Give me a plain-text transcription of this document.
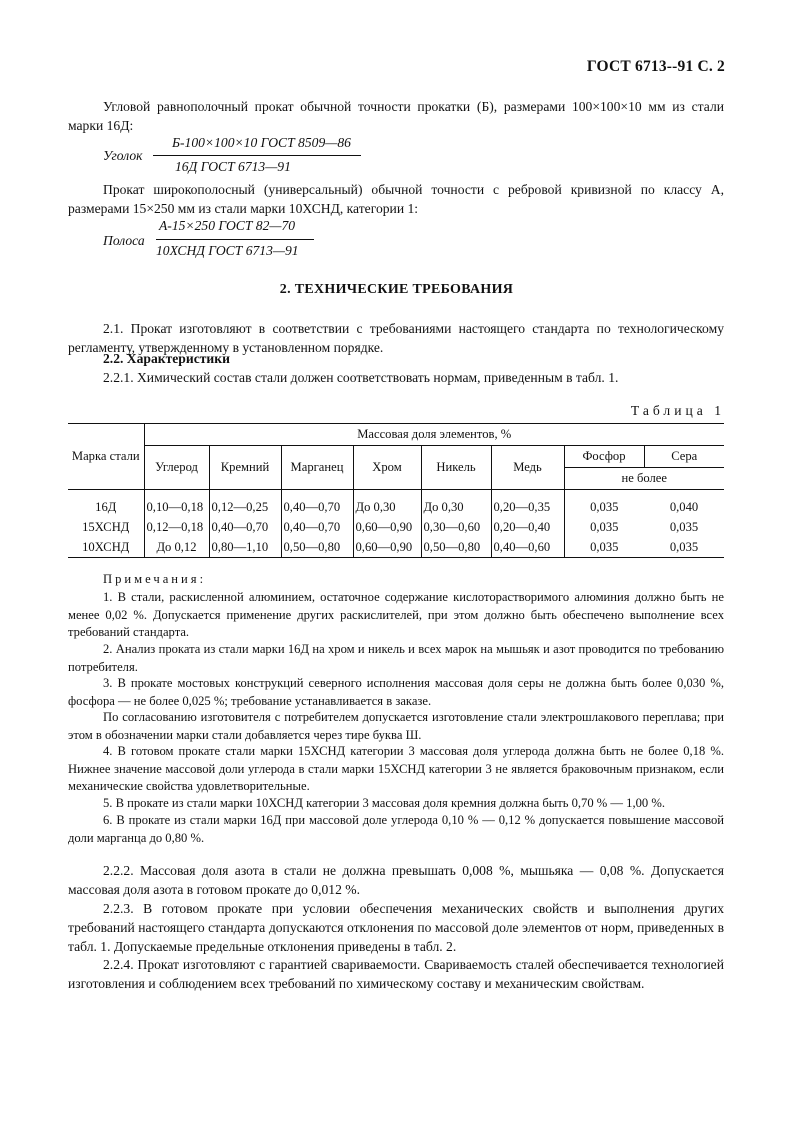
ГОСТ 6713--91 С. 2
Угловой равнополочный прокат обычной точности прокатки (Б), размерами 100×100×10 мм из стали марки 16Д:
Уголок
Б-100×100×10 ГОСТ 8509—86
16Д ГОСТ 6713—91
Прокат широкополосный (универсальный) обычной точности с ребровой кривизной по классу А, размерами 15×250 мм из стали марки 10ХСНД, категории 1:
Полоса
А-15×250 ГОСТ 82—70
10ХСНД ГОСТ 6713—91
2. ТЕХНИЧЕСКИЕ ТРЕБОВАНИЯ
2.1. Прокат изготовляют в соответствии с требованиями настоящего стандарта по технологическому регламенту, утвержденному в установленном порядке.
2.2. Характеристики
2.2.1. Химический состав стали должен соответствовать нормам, приведенным в табл. 1.
Таблица 1
Марка стали	Массовая доля элементов, %							
	Углерод	Кремний	Марганец	Хром	Никель	Медь	Фосфор	Сера
							не более	

16Д	0,10—0,18	0,12—0,25	0,40—0,70	До 0,30	До 0,30	0,20—0,35	0,035	0,040
15ХСНД	0,12—0,18	0,40—0,70	0,40—0,70	0,60—0,90	0,30—0,60	0,20—0,40	0,035	0,035
10ХСНД	До 0,12	0,80—1,10	0,50—0,80	0,60—0,90	0,50—0,80	0,40—0,60	0,035	0,035
Примечания:
1. В стали, раскисленной алюминием, остаточное содержание кислоторастворимого алюминия должно быть не менее 0,02 %. Допускается применение других раскислителей, при этом должно быть обеспечено выполнение всех требований стандарта.
2. Анализ проката из стали марки 16Д на хром и никель и всех марок на мышьяк и азот проводится по требованию потребителя.
3. В прокате мостовых конструкций северного исполнения массовая доля серы не должна быть более 0,030 %, фосфора — не более 0,025 %; требование устанавливается в заказе.
По согласованию изготовителя с потребителем допускается изготовление стали электрошлакового переплава; при этом в обозначении марки стали добавляется через тире буква Ш.
4. В готовом прокате стали марки 15ХСНД категории 3 массовая доля углерода должна быть не более 0,18 %. Нижнее значение массовой доли углерода в стали марки 15ХСНД категории 3 не является браковочным признаком, если механические свойства удовлетворительные.
5. В прокате из стали марки 10ХСНД категории 3 массовая доля кремния должна быть 0,70 % — 1,00 %.
6. В прокате из стали марки 16Д при массовой доле углерода 0,10 % — 0,12 % допускается повышение массовой доли марганца до 0,80 %.
2.2.2. Массовая доля азота в стали не должна превышать 0,008 %, мышьяка — 0,08 %. Допускается массовая доля азота в готовом прокате до 0,012 %.
2.2.3. В готовом прокате при условии обеспечения механических свойств и выполнения других требований настоящего стандарта допускаются отклонения по массовой доле элементов от норм, приведенных в табл. 1. Допускаемые предельные отклонения приведены в табл. 2.
2.2.4. Прокат изготовляют с гарантией свариваемости. Свариваемость сталей обеспечивается технологией изготовления и соблюдением всех требований по химическому составу и механическим свойствам.
